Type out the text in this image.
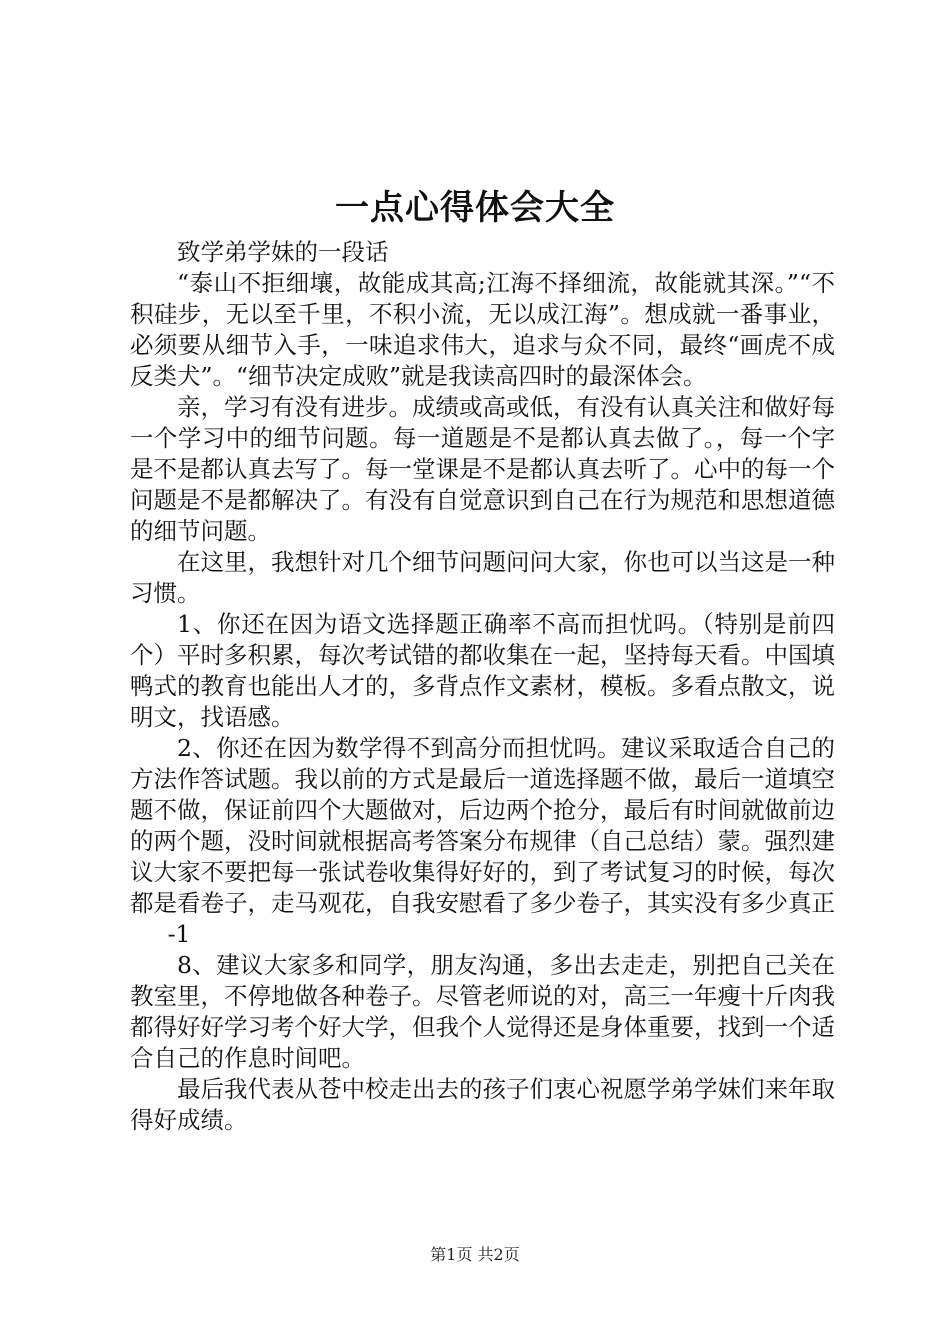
一点心得体会大全

致学弟学妹的一段话

“泰山不拒细壤，故能成其高;江海不择细流，故能就其深。”“不积硅步，无以至千里，不积小流，无以成江海”。想成就一番事业，必须要从细节入手，一味追求伟大，追求与众不同，最终“画虎不成反类犬”。“细节决定成败”就是我读高四时的最深体会。

亲，学习有没有进步。成绩或高或低，有没有认真关注和做好每一个学习中的细节问题。每一道题是不是都认真去做了。，每一个字是不是都认真去写了。每一堂课是不是都认真去听了。心中的每一个问题是不是都解决了。有没有自觉意识到自己在行为规范和思想道德的细节问题。

在这里，我想针对几个细节问题问问大家，你也可以当这是一种习惯。

1、你还在因为语文选择题正确率不高而担忧吗。（特别是前四个）平时多积累，每次考试错的都收集在一起，坚持每天看。中国填鸭式的教育也能出人才的，多背点作文素材，模板。多看点散文，说明文，找语感。

2、你还在因为数学得不到高分而担忧吗。建议采取适合自己的方法作答试题。我以前的方式是最后一道选择题不做，最后一道填空题不做，保证前四个大题做对，后边两个抢分，最后有时间就做前边的两个题，没时间就根据高考答案分布规律（自己总结）蒙。强烈建议大家不要把每一张试卷收集得好好的，到了考试复习的时候，每次都是看卷子，走马观花，自我安慰看了多少卷子，其实没有多少真正

-1

8、建议大家多和同学，朋友沟通，多出去走走，别把自己关在教室里，不停地做各种卷子。尽管老师说的对，高三一年瘦十斤肉我都得好好学习考个好大学，但我个人觉得还是身体重要，找到一个适合自己的作息时间吧。

最后我代表从苍中校走出去的孩子们衷心祝愿学弟学妹们来年取得好成绩。

第1页 共2页
